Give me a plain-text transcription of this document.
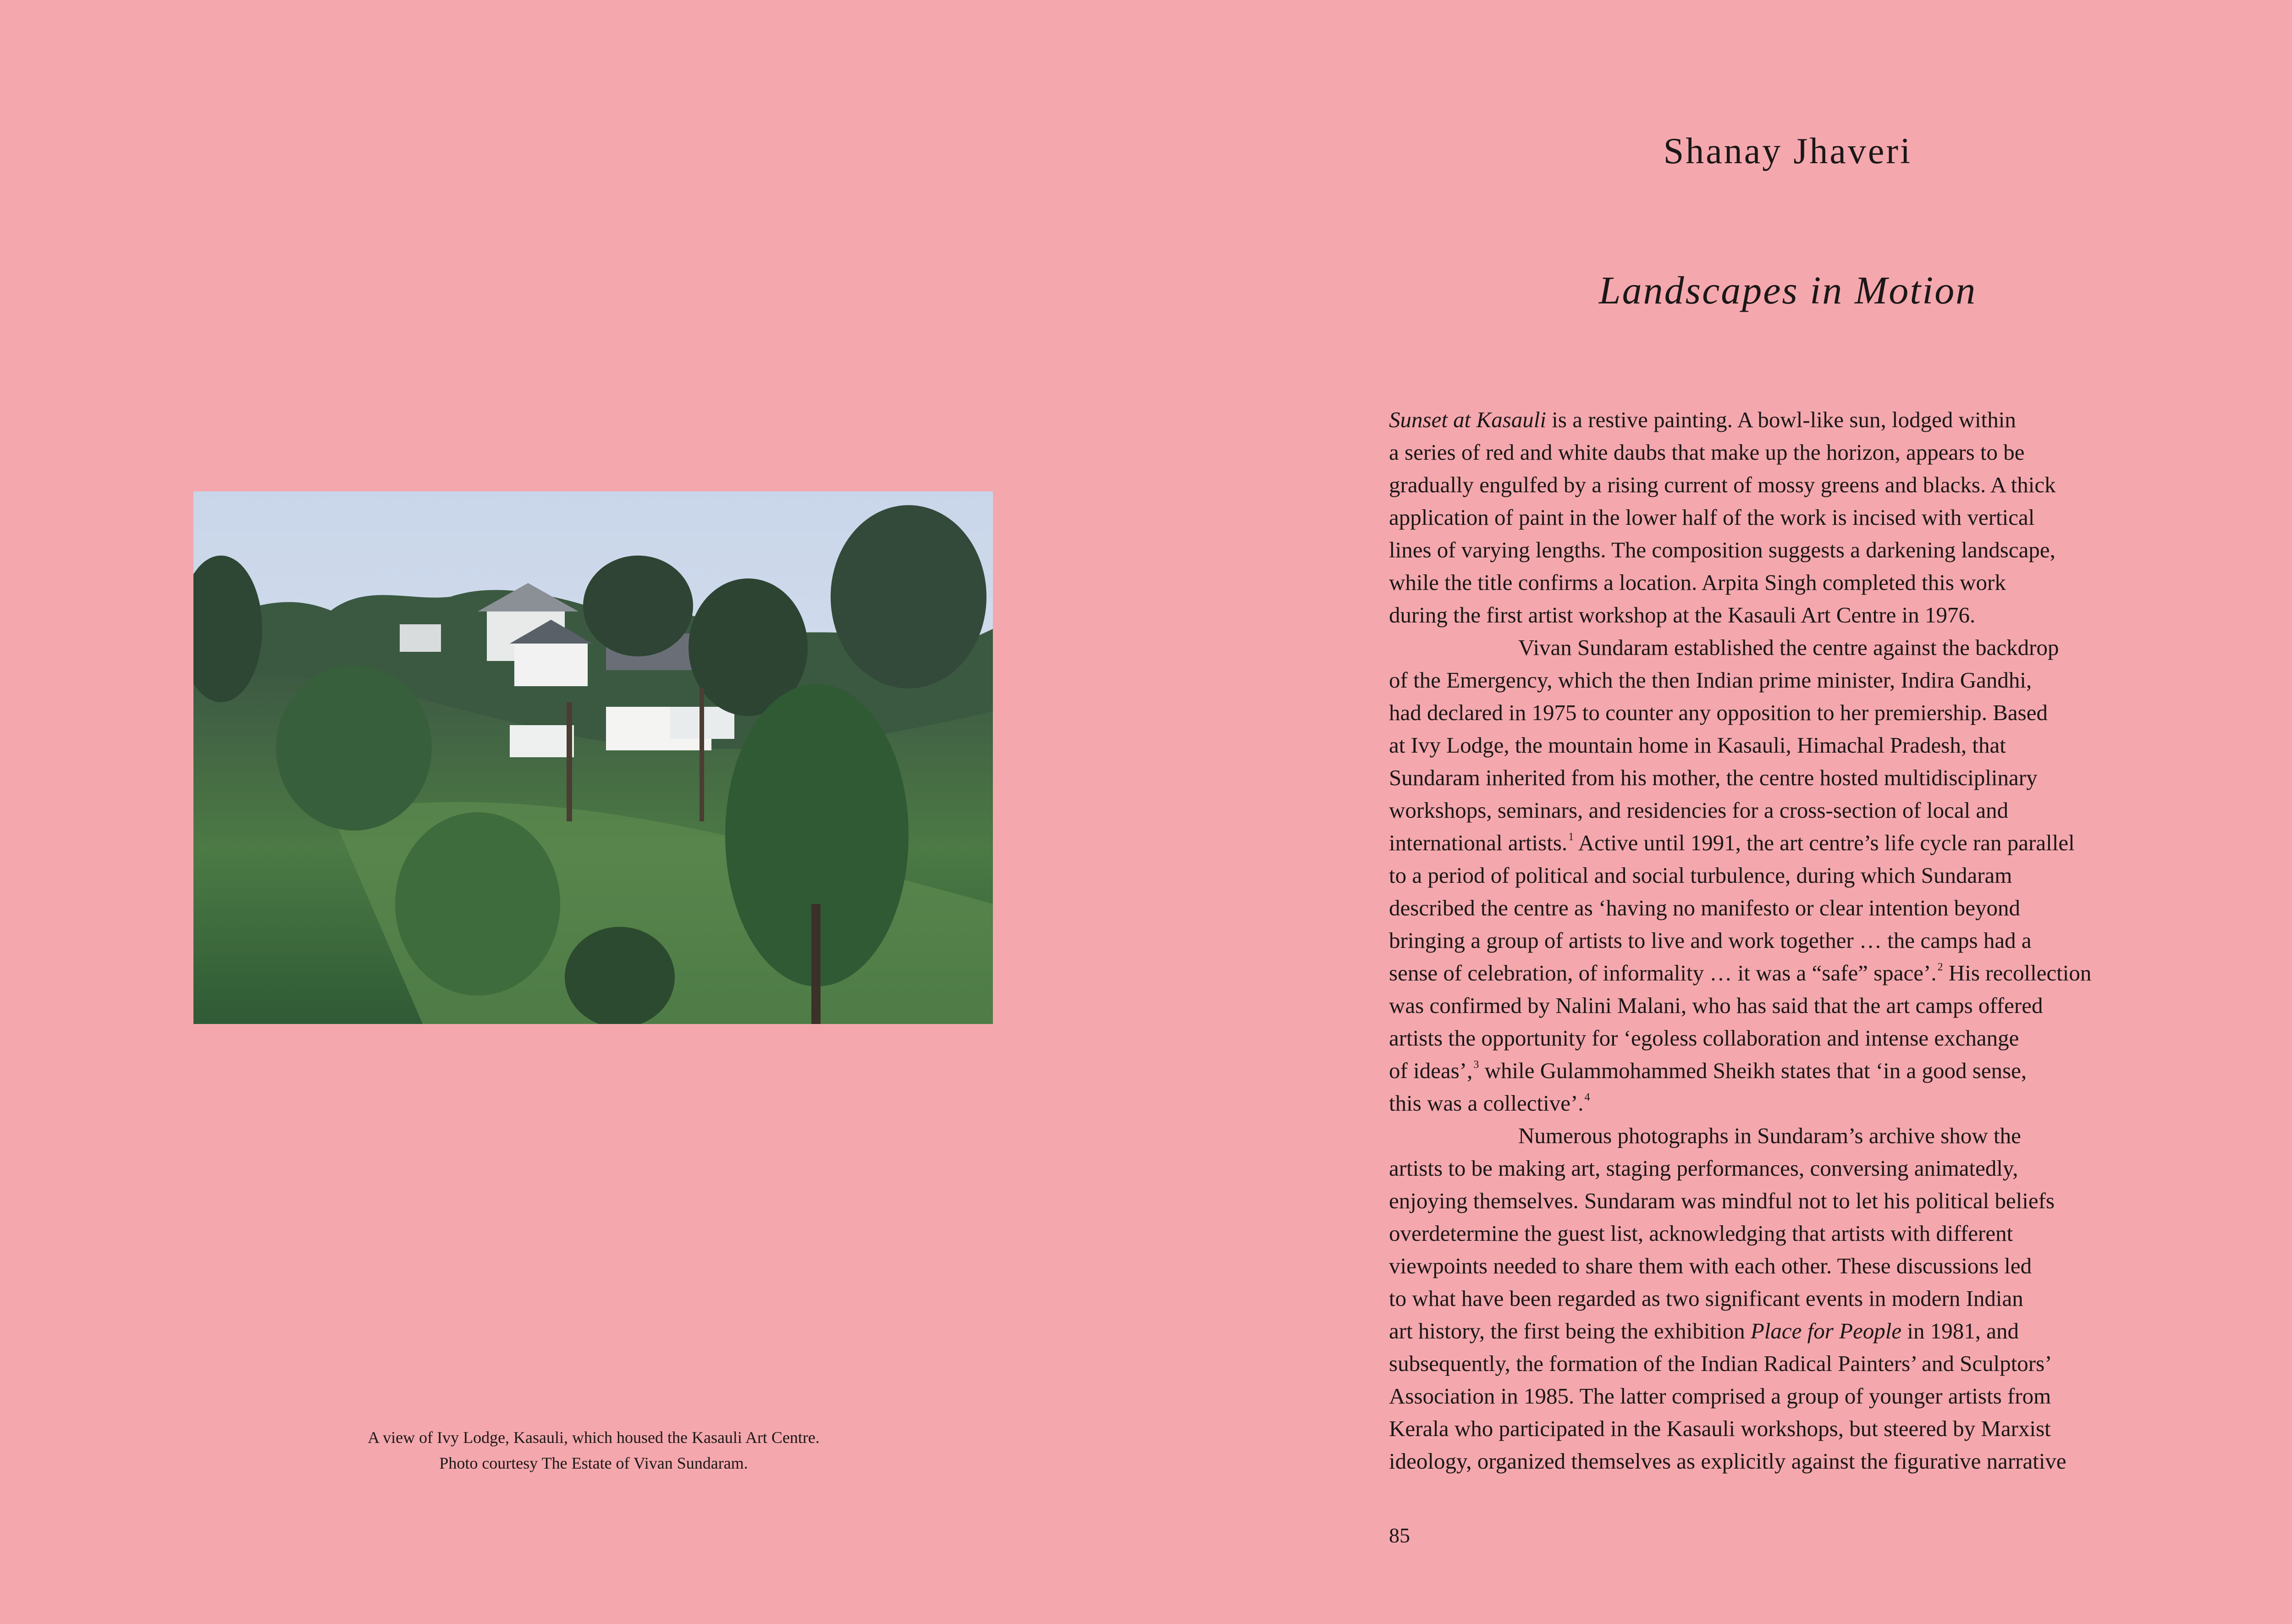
A view of Ivy Lodge, Kasauli, which housed the Kasauli Art Centre.
Photo courtesy The Estate of Vivan Sundaram.
Shanay Jhaveri
Landscapes in Motion
Sunset at Kasauli is a restive painting. A bowl-like sun, lodged within
a series of red and white daubs that make up the horizon, appears to be
gradually engulfed by a rising current of mossy greens and blacks. A thick
application of paint in the lower half of the work is incised with vertical
lines of varying lengths. The composition suggests a darkening landscape,
while the title confirms a location. Arpita Singh completed this work
during the first artist workshop at the Kasauli Art Centre in 1976.
Vivan Sundaram established the centre against the backdrop
of the Emergency, which the then Indian prime minister, Indira Gandhi,
had declared in 1975 to counter any opposition to her premiership. Based
at Ivy Lodge, the mountain home in Kasauli, Himachal Pradesh, that
Sundaram inherited from his mother, the centre hosted multidisciplinary
workshops, seminars, and residencies for a cross-section of local and
international artists.$^1$ Active until 1991, the art centre’s life cycle ran parallel
to a period of political and social turbulence, during which Sundaram
described the centre as ‘having no manifesto or clear intention beyond
bringing a group of artists to live and work together … the camps had a
sense of celebration, of informality … it was a “safe” space’.$^2$ His recollection
was confirmed by Nalini Malani, who has said that the art camps offered
artists the opportunity for ‘egoless collaboration and intense exchange
of ideas’,$^3$ while Gulammohammed Sheikh states that ‘in a good sense,
this was a collective’.$^4$
Numerous photographs in Sundaram’s archive show the
artists to be making art, staging performances, conversing animatedly,
enjoying themselves. Sundaram was mindful not to let his political beliefs
overdetermine the guest list, acknowledging that artists with different
viewpoints needed to share them with each other. These discussions led
to what have been regarded as two significant events in modern Indian
art history, the first being the exhibition Place for People in 1981, and
subsequently, the formation of the Indian Radical Painters’ and Sculptors’
Association in 1985. The latter comprised a group of younger artists from
Kerala who participated in the Kasauli workshops, but steered by Marxist
ideology, organized themselves as explicitly against the figurative narrative
85
